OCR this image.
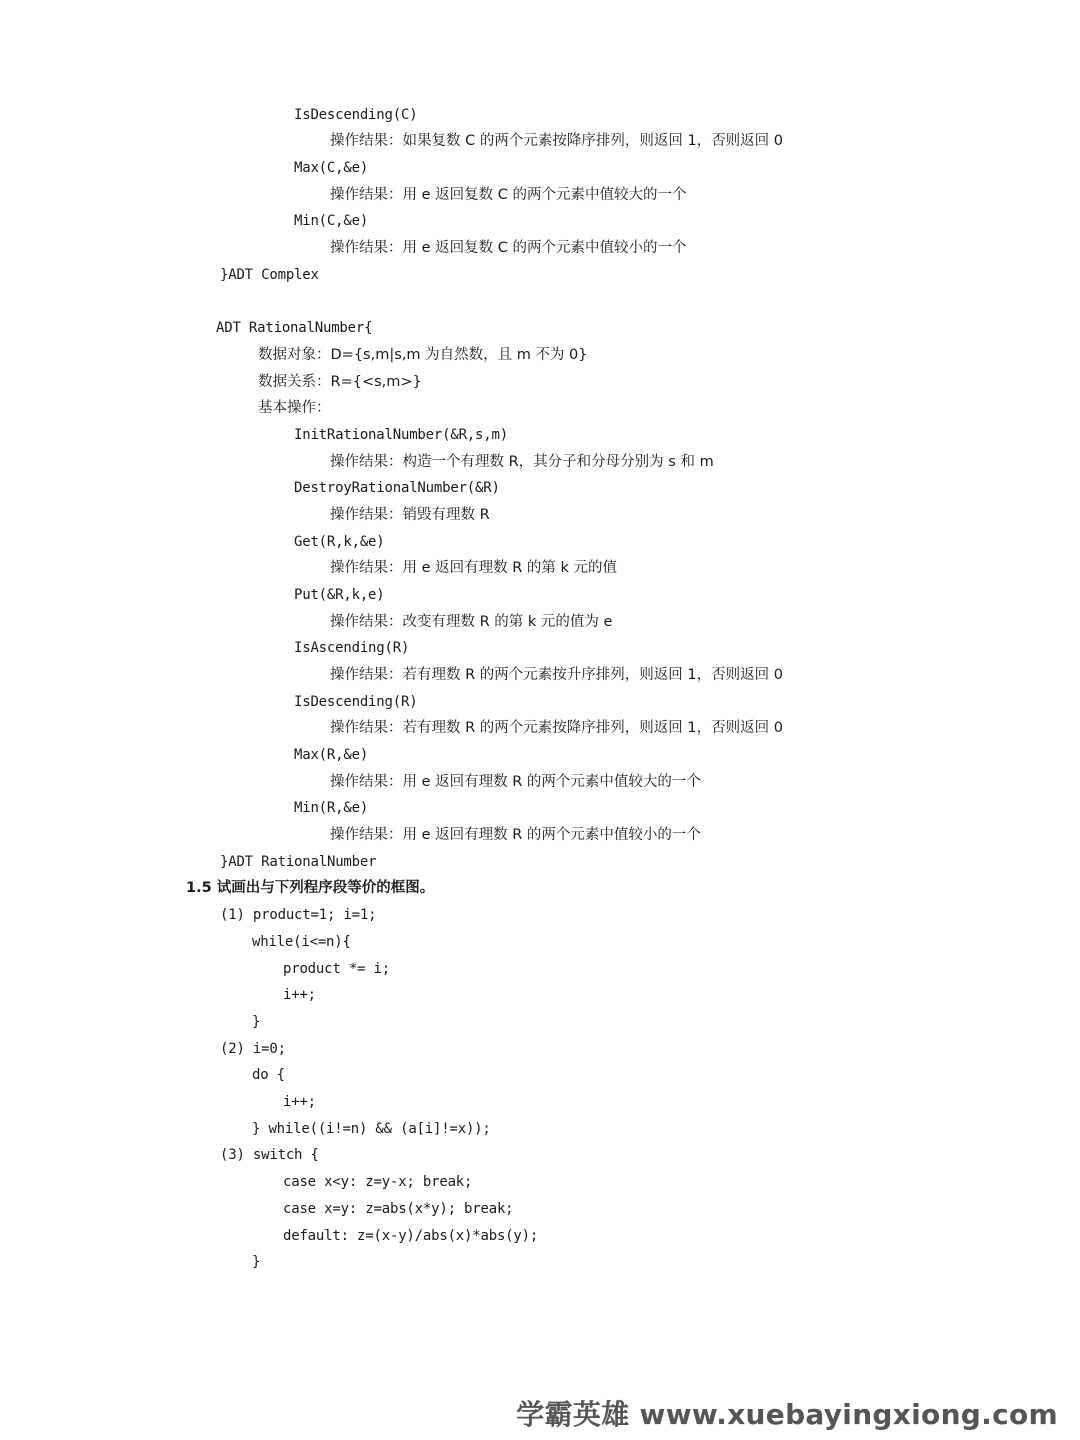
IsDescending(C)
操作结果：如果复数 C 的两个元素按降序排列，则返回 1，否则返回 0
Max(C,&e)
操作结果：用 e 返回复数 C 的两个元素中值较大的一个
Min(C,&e)
操作结果：用 e 返回复数 C 的两个元素中值较小的一个
}ADT Complex
ADT RationalNumber{
数据对象：D={s,m|s,m 为自然数，且 m 不为 0}
数据关系：R={<s,m>}
基本操作：
InitRationalNumber(&R,s,m)
操作结果：构造一个有理数 R，其分子和分母分别为 s 和 m
DestroyRationalNumber(&R)
操作结果：销毁有理数 R
Get(R,k,&e)
操作结果：用 e 返回有理数 R 的第 k 元的值
Put(&R,k,e)
操作结果：改变有理数 R 的第 k 元的值为 e
IsAscending(R)
操作结果：若有理数 R 的两个元素按升序排列，则返回 1，否则返回 0
IsDescending(R)
操作结果：若有理数 R 的两个元素按降序排列，则返回 1，否则返回 0
Max(R,&e)
操作结果：用 e 返回有理数 R 的两个元素中值较大的一个
Min(R,&e)
操作结果：用 e 返回有理数 R 的两个元素中值较小的一个
}ADT RationalNumber
1.5 试画出与下列程序段等价的框图。
(1) product=1; i=1;
while(i<=n){
product *= i;
i++;
}
(2) i=0;
do {
i++;
} while((i!=n) && (a[i]!=x));
(3) switch {
case x<y: z=y-x; break;
case x=y: z=abs(x*y); break;
default: z=(x-y)/abs(x)*abs(y);
}
学霸英雄 www.xuebayingxiong.com
